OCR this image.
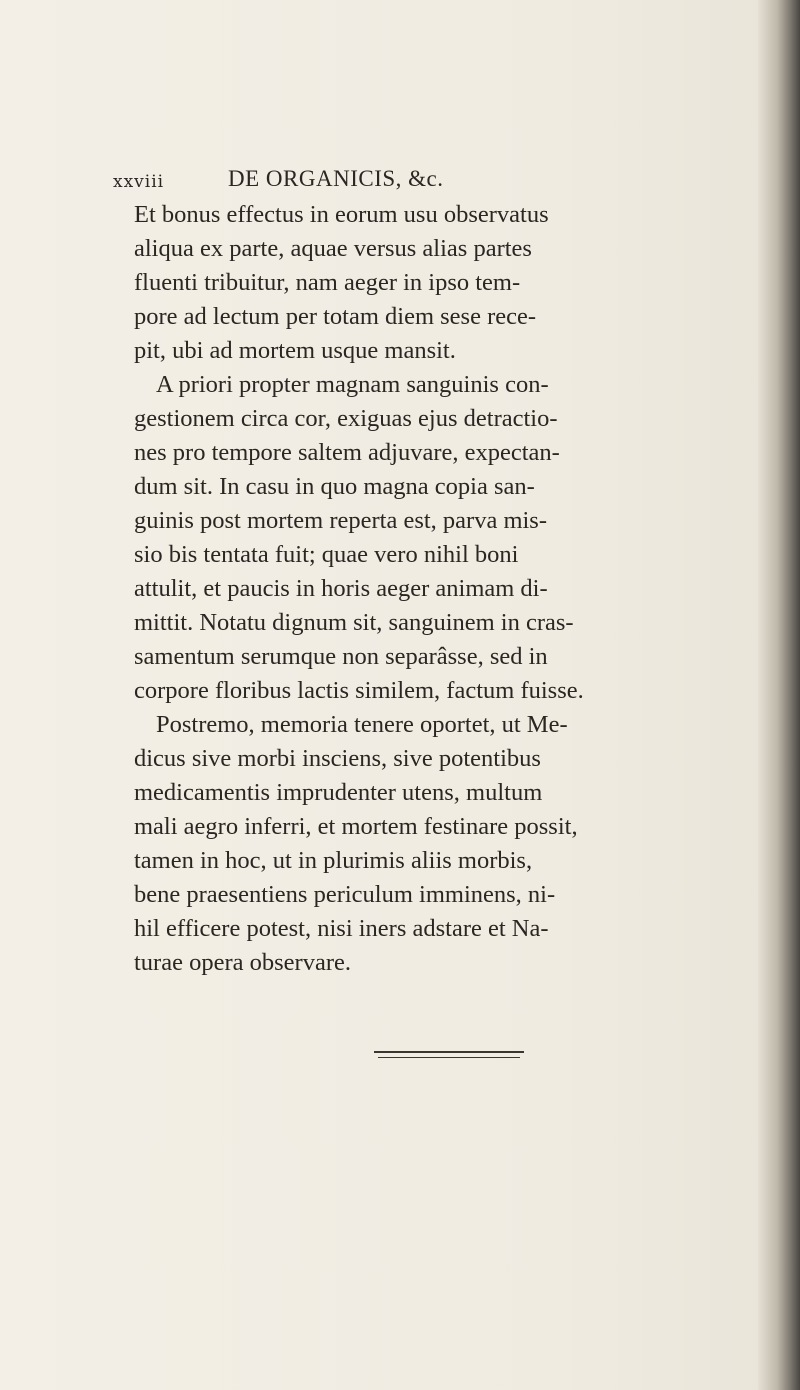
xxviii	DE ORGANICIS, &c.
Et bonus effectus in eorum usu observatus
aliqua ex parte, aquae versus alias partes
fluenti tribuitur, nam aeger in ipso tem-
pore ad lectum per totam diem sese rece-
pit, ubi ad mortem usque mansit.
A priori propter magnam sanguinis con-
gestionem circa cor, exiguas ejus detractio-
nes pro tempore saltem adjuvare, expectan-
dum sit. In casu in quo magna copia san-
guinis post mortem reperta est, parva mis-
sio bis tentata fuit; quae vero nihil boni
attulit, et paucis in horis aeger animam di-
mittit. Notatu dignum sit, sanguinem in cras-
samentum serumque non separâsse, sed in
corpore floribus lactis similem, factum fuisse.
Postremo, memoria tenere oportet, ut Me-
dicus sive morbi insciens, sive potentibus
medicamentis imprudenter utens, multum
mali aegro inferri, et mortem festinare possit,
tamen in hoc, ut in plurimis aliis morbis,
bene praesentiens periculum imminens, ni-
hil efficere potest, nisi iners adstare et Na-
turae opera observare.
